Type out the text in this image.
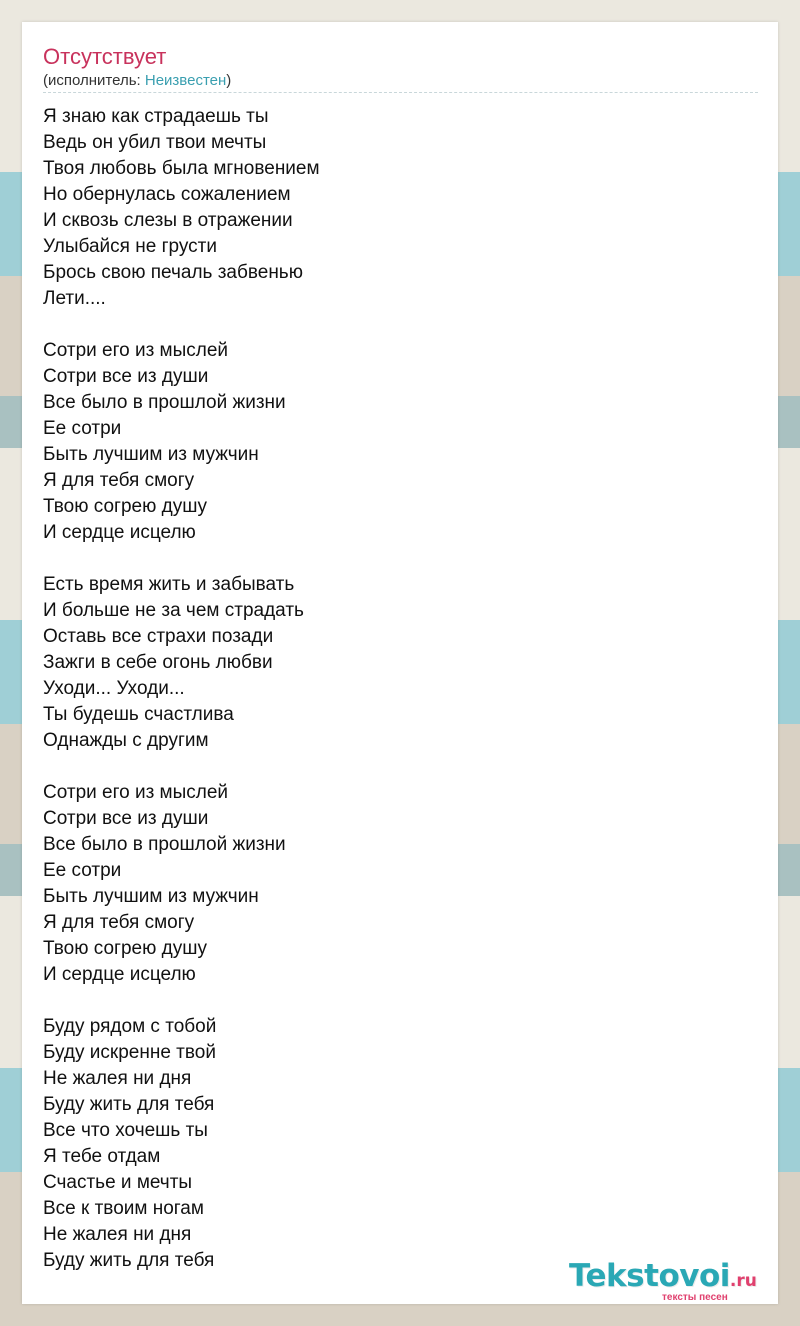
Отсутствует
(исполнитель: Неизвестен)
Я знаю как страдаешь ты
Ведь он убил твои мечты
Твоя любовь была мгновением
Но обернулась сожалением
И сквозь слезы в отражении
Улыбайся не грусти
Брось свою печаль забвенью
Лети....
Сотри его из мыслей
Сотри все из души
Все было в прошлой жизни
Ее сотри
Быть лучшим из мужчин
Я для тебя смогу
Твою согрею душу
И сердце исцелю
Есть время жить и забывать
И больше не за чем страдать
Оставь все страхи позади
Зажги в себе огонь любви
Уходи... Уходи...
Ты будешь счастлива
Однажды с другим
Сотри его из мыслей
Сотри все из души
Все было в прошлой жизни
Ее сотри
Быть лучшим из мужчин
Я для тебя смогу
Твою согрею душу
И сердце исцелю
Буду рядом с тобой
Буду искренне твой
Не жалея ни дня
Буду жить для тебя
Все что хочешь ты
Я тебе отдам
Счастье и мечты
Все к твоим ногам
Не жалея ни дня
Буду жить для тебя	Tekstovoi.ru
тексты песен
